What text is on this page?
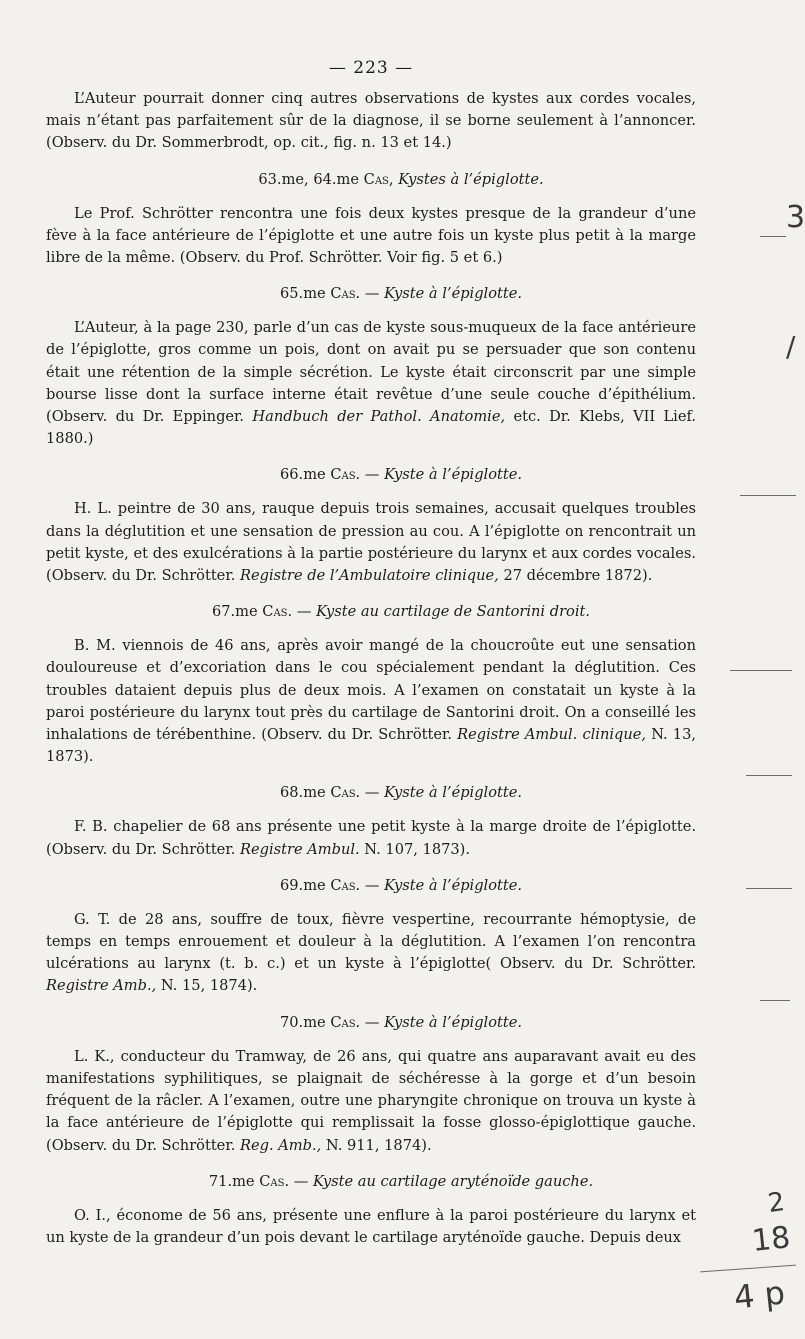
— 223 —

L’Auteur pourrait donner cinq autres observations de kystes aux cordes vocales, mais n’étant pas parfaitement sûr de la diagnose, il se borne seulement à l’annoncer. (Observ. du Dr. Sommerbrodt, op. cit., fig. n. 13 et 14.)

63.me, 64.me Cas, Kystes à l’épiglotte.

Le Prof. Schrötter rencontra une fois deux kystes presque de la grandeur d’une fève à la face antérieure de l’épiglotte et une autre fois un kyste plus petit à la marge libre de la même. (Observ. du Prof. Schrötter. Voir fig. 5 et 6.)

65.me Cas. — Kyste à l’épiglotte.

L’Auteur, à la page 230, parle d’un cas de kyste sous-muqueux de la face antérieure de l’épiglotte, gros comme un pois, dont on avait pu se persuader que son contenu était une rétention de la simple sécrétion. Le kyste était circonscrit par une simple bourse lisse dont la surface interne était revêtue d’une seule couche d’épithélium. (Observ. du Dr. Eppinger. Handbuch der Pathol. Anatomie, etc. Dr. Klebs, VII Lief. 1880.)

66.me Cas. — Kyste à l’épiglotte.

H. L. peintre de 30 ans, rauque depuis trois semaines, accusait quelques troubles dans la déglutition et une sensation de pression au cou. A l’épiglotte on rencontrait un petit kyste, et des exulcérations à la partie postérieure du larynx et aux cordes vocales. (Observ. du Dr. Schrötter. Registre de l’Ambulatoire clinique, 27 décembre 1872).

67.me Cas. — Kyste au cartilage de Santorini droit.

B. M. viennois de 46 ans, après avoir mangé de la choucroûte eut une sensation douloureuse et d’excoriation dans le cou spécialement pendant la déglutition. Ces troubles dataient depuis plus de deux mois. A l’examen on constatait un kyste à la paroi postérieure du larynx tout près du cartilage de Santorini droit. On a conseillé les inhalations de térébenthine. (Observ. du Dr. Schrötter. Registre Ambul. clinique, N. 13, 1873).

68.me Cas. — Kyste à l’épiglotte.

F. B. chapelier de 68 ans présente une petit kyste à la marge droite de l’épiglotte. (Observ. du Dr. Schrötter. Registre Ambul. N. 107, 1873).

69.me Cas. — Kyste à l’épiglotte.

G. T. de 28 ans, souffre de toux, fièvre vespertine, recourrante hémoptysie, de temps en temps enrouement et douleur à la déglutition. A l’examen l’on rencontra ulcérations au larynx (t. b. c.) et un kyste à l’épiglotte( Observ. du Dr. Schrötter. Registre Amb., N. 15, 1874).

70.me Cas. — Kyste à l’épiglotte.

L. K., conducteur du Tramway, de 26 ans, qui quatre ans auparavant avait eu des manifestations syphilitiques, se plaignait de séchéresse à la gorge et d’un besoin fréquent de la râcler. A l’examen, outre une pharyngite chronique on trouva un kyste à la face antérieure de l’épiglotte qui remplissait la fosse glosso-épiglottique gauche. (Observ. du Dr. Schrötter. Reg. Amb., N. 911, 1874).

71.me Cas. — Kyste au cartilage aryténoïde gauche.

O. I., économe de 56 ans, présente une enflure à la paroi postérieure du larynx et un kyste de la grandeur d’un pois devant le cartilage aryténoïde gauche. Depuis deux

3
/
2
18
4 p
